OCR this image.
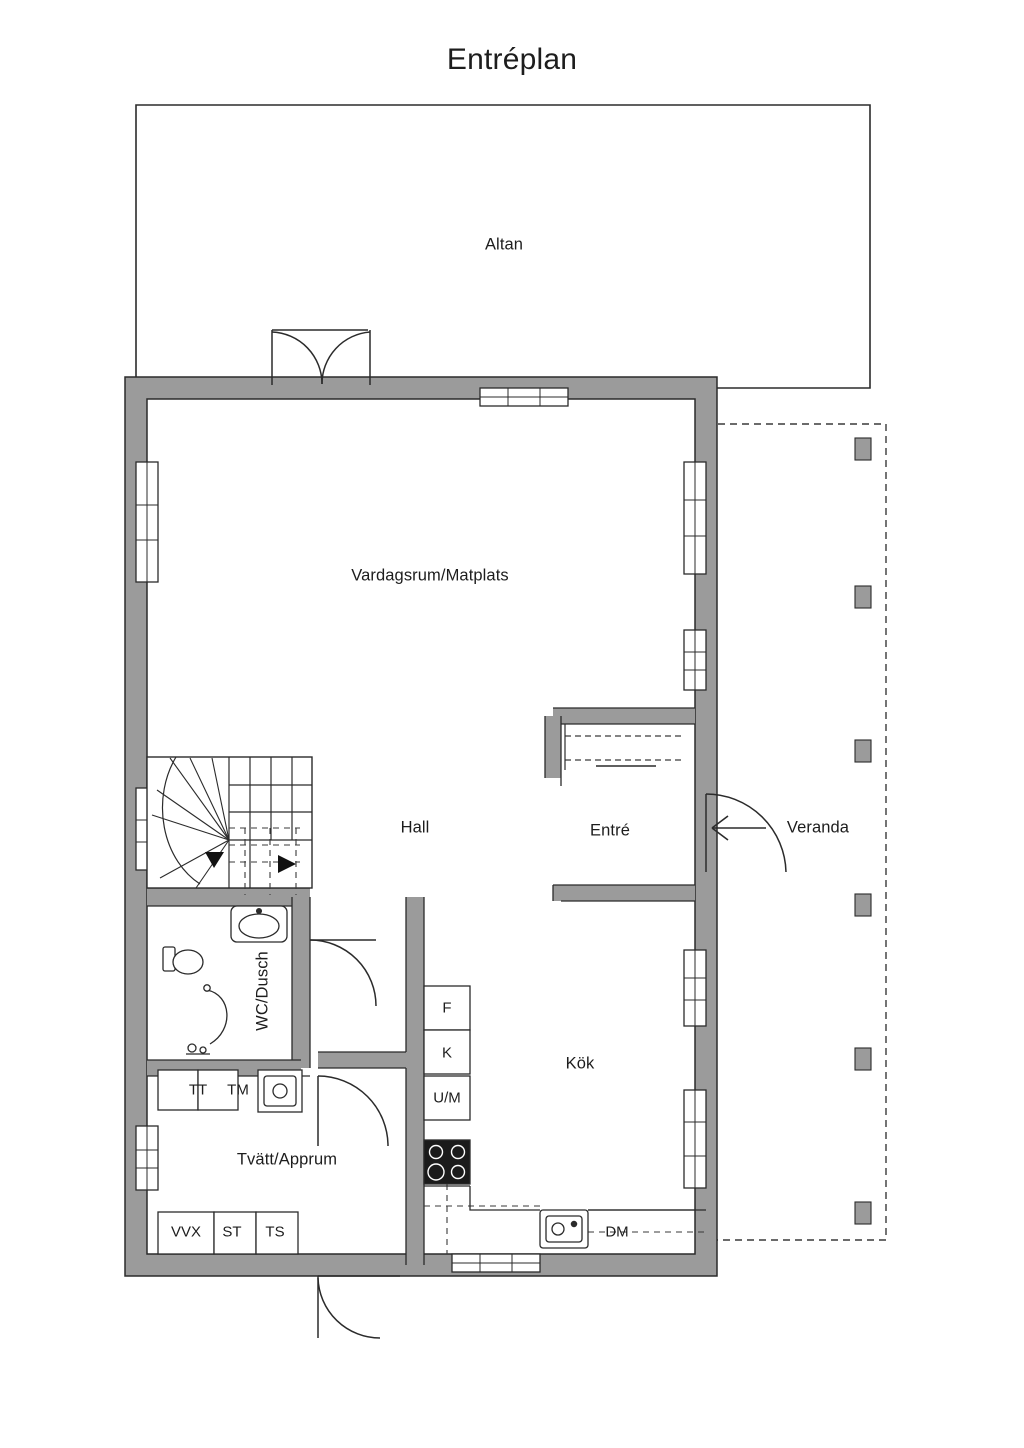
Entréplan
Altan
Vardagsrum/Matplats
Hall	Entré	Veranda
WC/Dusch
Tvätt/Apprum
Kök
F
K
U/M
TT TM
VVX ST TS	DM
